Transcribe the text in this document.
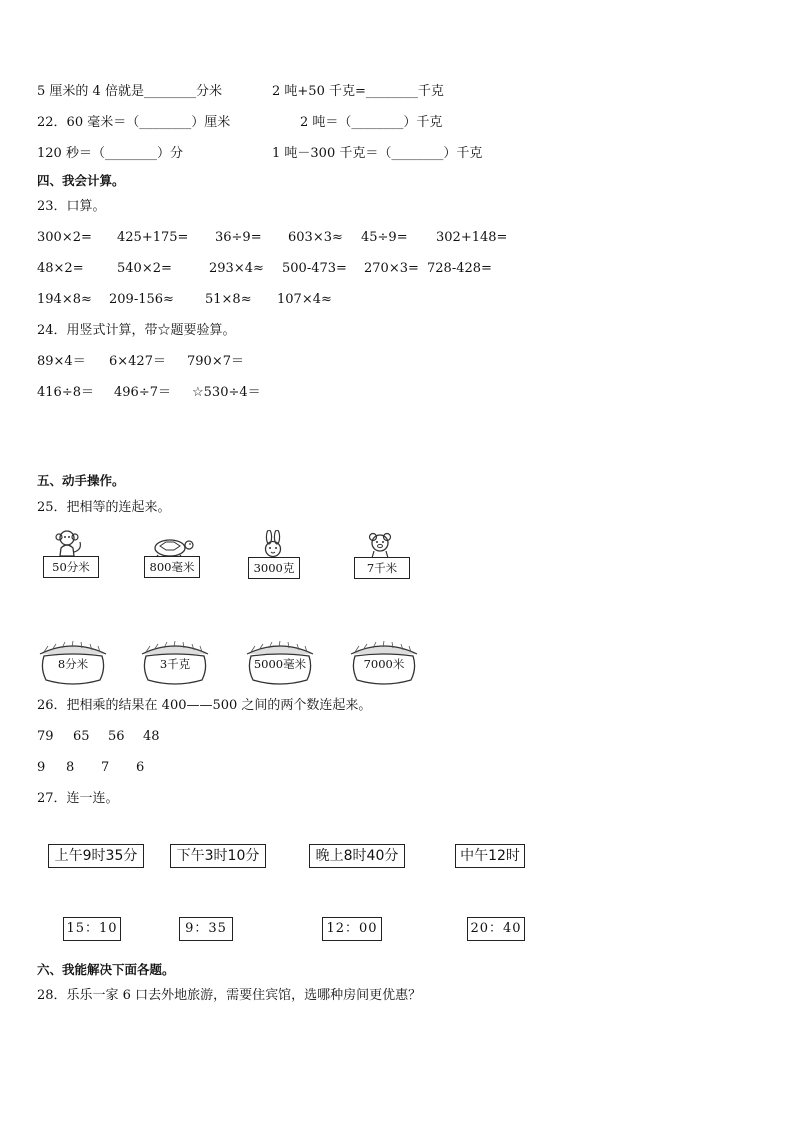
5 厘米的 4 倍就是________分米	2 吨+50 千克=________千克
22．60 毫米＝（________）厘米	2 吨＝（________）千克
120 秒＝（________）分	1 吨－300 千克＝（________）千克
四、我会计算。
23．口算。
300×2= 425+175= 36÷9= 603×3≈ 45÷9= 302+148=
48×2=	540×2=	293×4≈ 500-473= 270×3= 728-428=
194×8≈ 209-156≈ 51×8≈ 107×4≈
24．用竖式计算，带☆题要验算。
89×4＝ 6×427＝ 790×7＝
416÷8＝ 496÷7＝ ☆530÷4＝
五、动手操作。
25．把相等的连起来。
50分米	800毫米	3000克	7千米
8分米	3千克	5000毫米	7000米
26．把相乘的结果在 400——500 之间的两个数连起来。
79 65 56 48
9 8 7 6
27．连一连。
上午9时35分	下午3时10分	晚上8时40分	中午12时
15：10	9：35	12：00	20：40
六、我能解决下面各题。
28．乐乐一家 6 口去外地旅游，需要住宾馆，选哪种房间更优惠？
